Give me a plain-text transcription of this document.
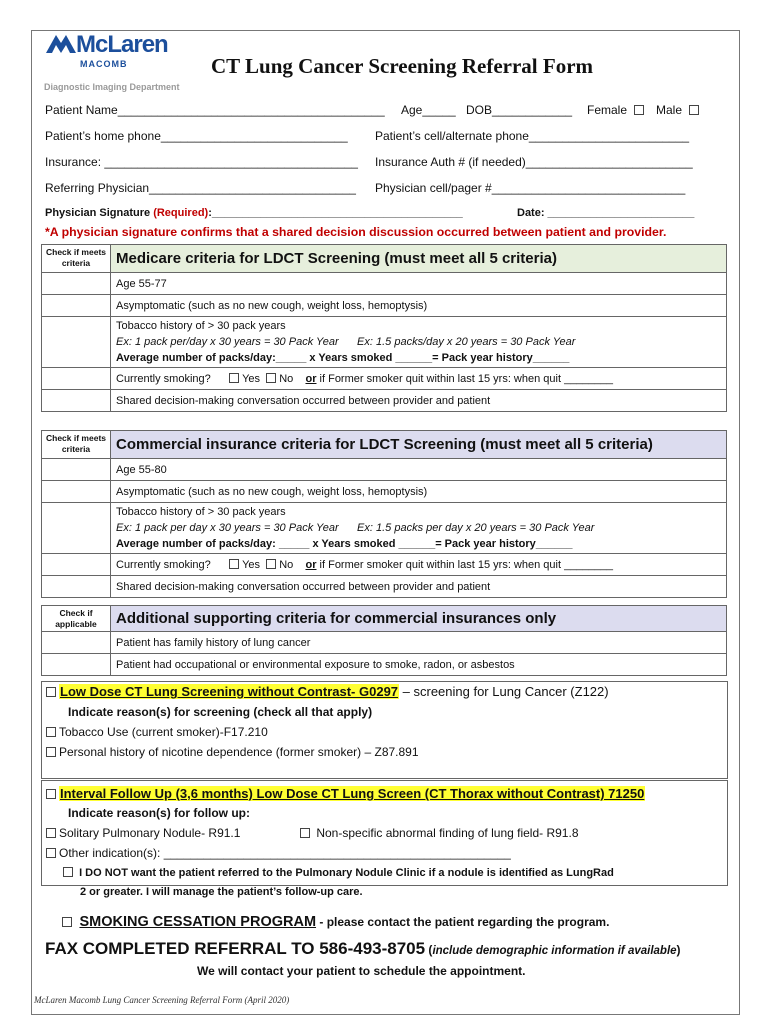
McLaren
MACOMB
Diagnostic Imaging Department
CT Lung Cancer Screening Referral Form
Patient Name________________________________________ Age_____ DOB____________ Female	Male
Patient’s home phone____________________________ Patient’s cell/alternate phone________________________
Insurance: ______________________________________ Insurance Auth # (if needed)_________________________
Referring Physician_______________________________ Physician cell/pager #_____________________________
Physician Signature (Required):_________________________________________	Date: ________________________
*A physician signature confirms that a shared decision discussion occurred between patient and provider.
Check if meets criteria	Medicare criteria for LDCT Screening (must meet all 5 criteria)
	Age 55-77
	Asymptomatic (such as no new cough, weight loss, hemoptysis)

	Tobacco history of > 30 pack years
Ex: 1 pack per/day x 30 years = 30 Pack Year Ex: 1.5 packs/day x 20 years = 30 Pack Year
Average number of packs/day:_____ x Years smoked ______= Pack year history______

	Currently smoking? Yes No or if Former smoker quit within last 15 yrs: when quit ________
	Shared decision-making conversation occurred between provider and patient
Check if meets criteria	Commercial insurance criteria for LDCT Screening (must meet all 5 criteria)
	Age 55-80
	Asymptomatic (such as no new cough, weight loss, hemoptysis)

	Tobacco history of > 30 pack years
Ex: 1 pack per day x 30 years = 30 Pack Year Ex: 1.5 packs per day x 20 years = 30 Pack Year
Average number of packs/day: _____ x Years smoked ______= Pack year history______

	Currently smoking? Yes No or if Former smoker quit within last 15 yrs: when quit ________
	Shared decision-making conversation occurred between provider and patient
Check if applicable	Additional supporting criteria for commercial insurances only
	Patient has family history of lung cancer
	Patient had occupational or environmental exposure to smoke, radon, or asbestos
Low Dose CT Lung Screening without Contrast- G0297 – screening for Lung Cancer (Z122)
Indicate reason(s) for screening (check all that apply)
Tobacco Use (current smoker)-F17.210
Personal history of nicotine dependence (former smoker) – Z87.891
Interval Follow Up (3,6 months) Low Dose CT Lung Screen (CT Thorax without Contrast) 71250
Indicate reason(s) for follow up:
Solitary Pulmonary Nodule- R91.1	Non-specific abnormal finding of lung field- R91.8
Other indication(s): ____________________________________________________
I DO NOT want the patient referred to the Pulmonary Nodule Clinic if a nodule is identified as LungRad
2 or greater. I will manage the patient’s follow-up care.
SMOKING CESSATION PROGRAM - please contact the patient regarding the program.
FAX COMPLETED REFERRAL TO 586-493-8705 (include demographic information if available)
We will contact your patient to schedule the appointment.
McLaren Macomb Lung Cancer Screening Referral Form (April 2020)
